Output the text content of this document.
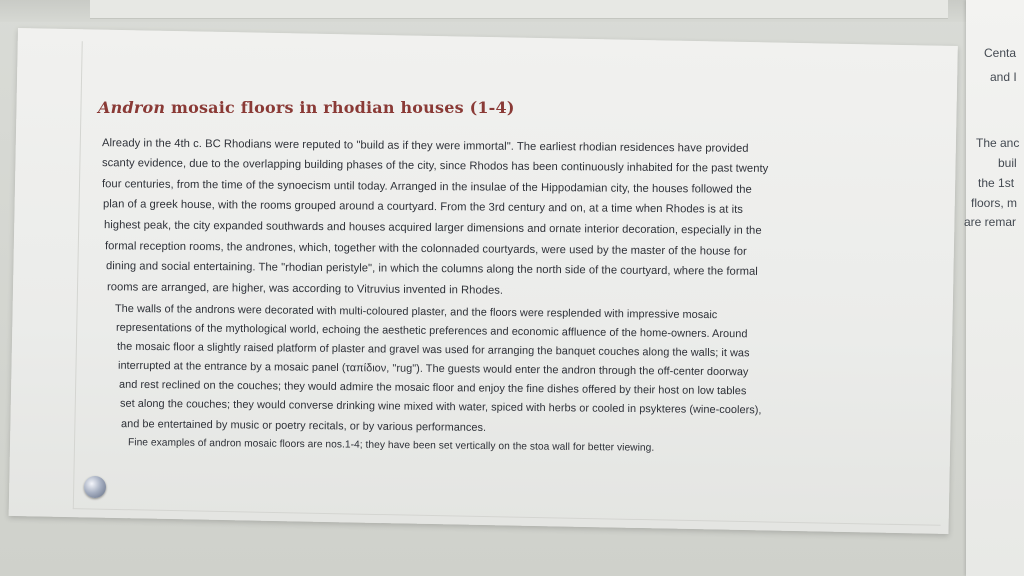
Centa
and I
The anc
buil
the 1st
floors, m
are remar
Andron mosaic floors in rhodian houses (1-4)
Already in the 4th c. BC Rhodians were reputed to "build as if they were immortal". The earliest rhodian residences have provided
scanty evidence, due to the overlapping building phases of the city, since Rhodos has been continuously inhabited for the past twenty
four centuries, from the time of the synoecism until today. Arranged in the insulae of the Hippodamian city, the houses followed the
plan of a greek house, with the rooms grouped around a courtyard. From the 3rd century and on, at a time when Rhodes is at its
highest peak, the city expanded southwards and houses acquired larger dimensions and ornate interior decoration, especially in the
formal reception rooms, the andrones, which, together with the colonnaded courtyards, were used by the master of the house for
dining and social entertaining. The "rhodian peristyle", in which the columns along the north side of the courtyard, where the formal
rooms are arranged, are higher, was according to Vitruvius invented in Rhodes.
The walls of the androns were decorated with multi-coloured plaster, and the floors were resplended with impressive mosaic
representations of the mythological world, echoing the aesthetic preferences and economic affluence of the home-owners. Around
the mosaic floor a slightly raised platform of plaster and gravel was used for arranging the banquet couches along the walls; it was
interrupted at the entrance by a mosaic panel (ταπίδιον, "rug"). The guests would enter the andron through the off-center doorway
and rest reclined on the couches; they would admire the mosaic floor and enjoy the fine dishes offered by their host on low tables
set along the couches; they would converse drinking wine mixed with water, spiced with herbs or cooled in psykteres (wine-coolers),
and be entertained by music or poetry recitals, or by various performances.
Fine examples of andron mosaic floors are nos.1-4; they have been set vertically on the stoa wall for better viewing.
